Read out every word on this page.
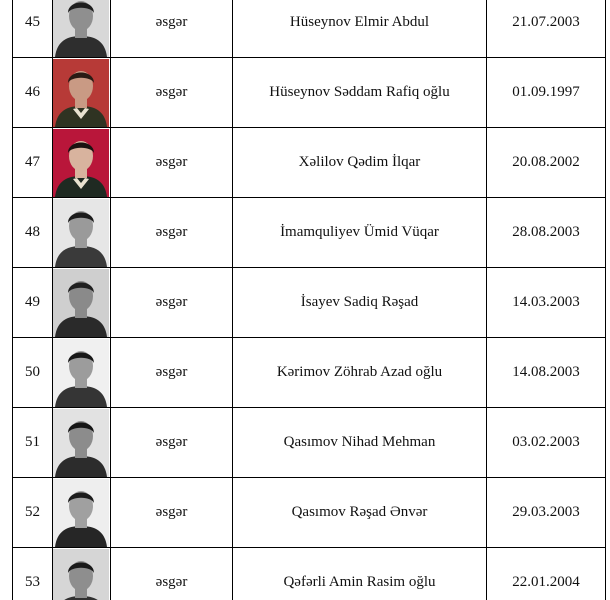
45		əsgər	Hüseynov Elmir Abdul	21.07.2003
46		əsgər	Hüseynov Səddam Rafiq oğlu	01.09.1997
47		əsgər	Xəlilov Qədim İlqar	20.08.2002
48		əsgər	İmamquliyev Ümid Vüqar	28.08.2003
49		əsgər	İsayev Sadiq Rəşad	14.03.2003
50		əsgər	Kərimov Zöhrab Azad oğlu	14.08.2003
51		əsgər	Qasımov Nihad Mehman	03.02.2003
52		əsgər	Qasımov Rəşad Ənvər	29.03.2003
53		əsgər	Qəfərli Amin Rasim oğlu	22.01.2004
